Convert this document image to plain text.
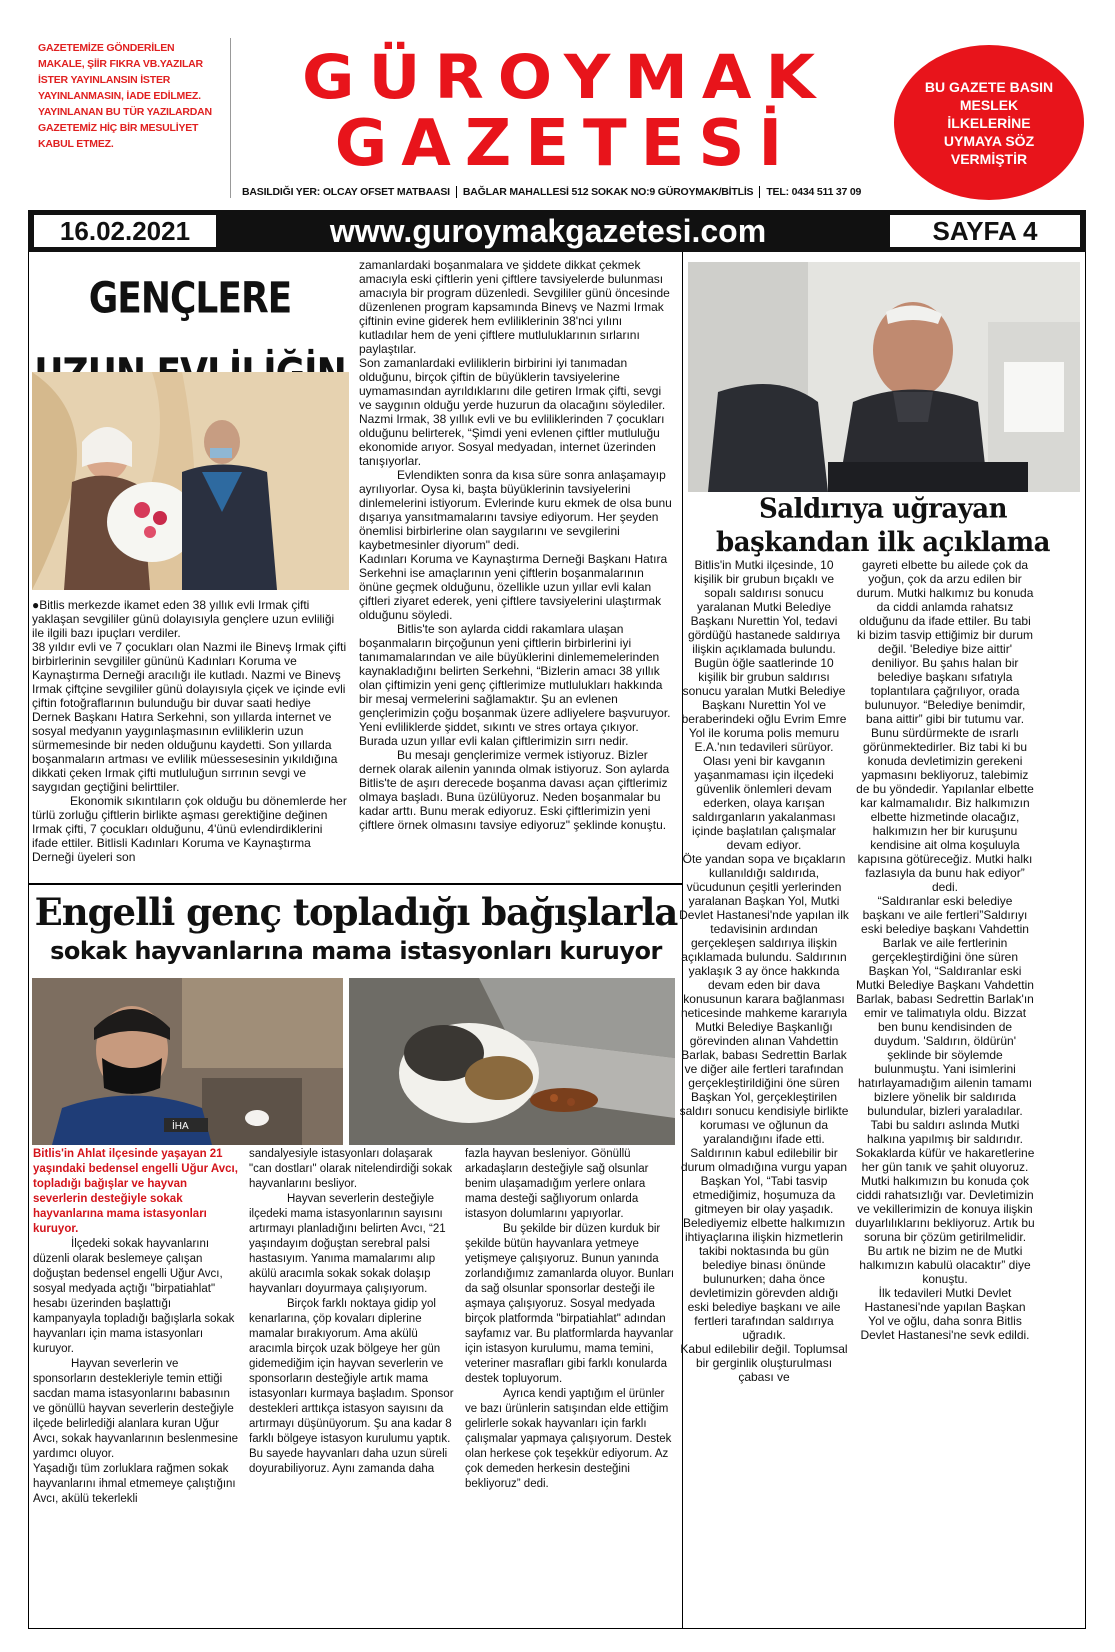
GAZETEMİZE GÖNDERİLEN MAKALE, ŞİİR FIKRA VB.YAZILAR İSTER YAYINLANSIN İSTER YAYINLANMASIN, İADE EDİLMEZ. YAYINLANAN BU TÜR YAZILARDAN GAZETEMİZ HİÇ BİR MESULİYET KABUL ETMEZ.
GÜROYMAK
GAZETESİ
BU GAZETE BASIN MESLEK İLKELERİNE UYMAYA SÖZ VERMİŞTİR
BASILDIĞI YER: OLCAY OFSET MATBAASI	BAĞLAR MAHALLESİ 512 SOKAK NO:9 GÜROYMAK/BİTLİS	TEL: 0434 511 37 09
16.02.2021	www.guroymakgazetesi.com	SAYFA 4
GENÇLERE

●Bitlis merkezde ikamet eden 38 yıllık evli Irmak çifti yaklaşan sevgililer günü dolayısıyla gençlere uzun evliliği ile ilgili bazı ipuçları verdiler.

38 yıldır evli ve 7 çocukları olan Nazmi ile Binevş Irmak çifti birbirlerinin sevgililer gününü Kadınları Koruma ve Kaynaştırma Derneği aracılığı ile kutladı. Nazmi ve Binevş Irmak çiftçine sevgililer günü dolayısıyla çiçek ve içinde evli çiftin fotoğraflarının bulunduğu bir duvar saati hediye Dernek Başkanı Hatıra Serkehni, son yıllarda internet ve sosyal medyanın yaygınlaşmasının evliliklerin uzun sürmemesinde bir neden olduğunu kaydetti. Son yıllarda boşanmaların artması ve evlilik müessesesinin yıkıldığına dikkati çeken Irmak çifti mutluluğun sırrının sevgi ve saygıdan geçtiğini belirttiler.

Ekonomik sıkıntıların çok olduğu bu dönemlerde her türlü zorluğu çiftlerin birlikte aşması gerektiğine değinen Irmak çifti, 7 çocukları olduğunu, 4'ünü evlendirdiklerini ifade ettiler. Bitlisli Kadınları Koruma ve Kaynaştırma Derneği üyeleri son

zamanlardaki boşanmalara ve şiddete dikkat çekmek amacıyla eski çiftlerin yeni çiftlere tavsiyelerde bulunması amacıyla bir program düzenledi. Sevgililer günü öncesinde düzenlenen program kapsamında Binevş ve Nazmi Irmak çiftinin evine giderek hem evliliklerinin 38'nci yılını kutladılar hem de yeni çiftlere mutluluklarının sırlarını paylaştılar.

Son zamanlardaki evliliklerin birbirini iyi tanımadan olduğunu, birçok çiftin de büyüklerin tavsiyelerine uymamasından ayrıldıklarını dile getiren Irmak çifti, sevgi ve saygının olduğu yerde huzurun da olacağını söylediler.

Nazmi Irmak, 38 yıllık evli ve bu evliliklerinden 7 çocukları olduğunu belirterek, “Şimdi yeni evlenen çiftler mutluluğu ekonomide arıyor. Sosyal medyadan, internet üzerinden tanışıyorlar.

Evlendikten sonra da kısa süre sonra anlaşamayıp ayrılıyorlar. Oysa ki, başta büyüklerinin tavsiyelerini dinlemelerini istiyorum. Evlerinde kuru ekmek de olsa bunu dışarıya yansıtmamalarını tavsiye ediyorum. Her şeyden önemlisi birbirlerine olan saygılarını ve sevgilerini kaybetmesinler diyorum" dedi.

Kadınları Koruma ve Kaynaştırma Derneği Başkanı Hatıra Serkehni ise amaçlarının yeni çiftlerin boşanmalarının önüne geçmek olduğunu, özellikle uzun yıllar evli kalan çiftleri ziyaret ederek, yeni çiftlere tavsiyelerini ulaştırmak olduğunu söyledi.

Bitlis'te son aylarda ciddi rakamlara ulaşan boşanmaların birçoğunun yeni çiftlerin birbirlerini iyi tanımamalarından ve aile büyüklerini dinlememelerinden kaynakladığını belirten Serkehni, “Bizlerin amacı 38 yıllık olan çiftimizin yeni genç çiftlerimize mutlulukları hakkında bir mesaj vermelerini sağlamaktır. Şu an evlenen gençlerimizin çoğu boşanmak üzere adliyelere başvuruyor. Yeni evliliklerde şiddet, sıkıntı ve stres ortaya çıkıyor. Burada uzun yıllar evli kalan çiftlerimizin sırrı nedir.

Bu mesajı gençlerimize vermek istiyoruz. Bizler dernek olarak ailenin yanında olmak istiyoruz. Son aylarda Bitlis'te de aşırı derecede boşanma davası açan çiftlerimiz olmaya başladı. Buna üzülüyoruz. Neden boşanmalar bu kadar arttı. Bunu merak ediyoruz. Eski çiftlerimizin yeni çiftlere örnek olmasını tavsiye ediyoruz" şeklinde konuştu.

Engelli genç topladığı bağışlarla
sokak hayvanlarına mama istasyonları kuruyor
İHA

Bitlis'in Ahlat ilçesinde yaşayan 21 yaşındaki bedensel engelli Uğur Avcı, topladığı bağışlar ve hayvan severlerin desteğiyle sokak hayvanlarına mama istasyonları kuruyor.

İlçedeki sokak hayvanlarını düzenli olarak beslemeye çalışan doğuştan bedensel engelli Uğur Avcı, sosyal medyada açtığı "birpatiahlat" hesabı üzerinden başlattığı kampanyayla topladığı bağışlarla sokak hayvanları için mama istasyonları kuruyor.

Hayvan severlerin ve sponsorların destekleriyle temin ettiği sacdan mama istasyonlarını babasının ve gönüllü hayvan severlerin desteğiyle ilçede belirlediği alanlara kuran Uğur Avcı, sokak hayvanlarının beslenmesine yardımcı oluyor.

Yaşadığı tüm zorluklara rağmen sokak hayvanlarını ihmal etmemeye çalıştığını Avcı, akülü tekerlekli

sandalyesiyle istasyonları dolaşarak "can dostları" olarak nitelendirdiği sokak hayvanlarını besliyor.

Hayvan severlerin desteğiyle ilçedeki mama istasyonlarının sayısını artırmayı planladığını belirten Avcı, “21 yaşındayım doğuştan serebral palsi hastasıyım. Yanıma mamalarımı alıp akülü aracımla sokak sokak dolaşıp hayvanları doyurmaya çalışıyorum.

Birçok farklı noktaya gidip yol kenarlarına, çöp kovaları diplerine mamalar bırakıyorum. Ama akülü aracımla birçok uzak bölgeye her gün gidemediğim için hayvan severlerin ve sponsorların desteğiyle artık mama istasyonları kurmaya başladım. Sponsor destekleri arttıkça istasyon sayısını da artırmayı düşünüyorum. Şu ana kadar 8 farklı bölgeye istasyon kurulumu yaptık. Bu sayede hayvanları daha uzun süreli doyurabiliyoruz. Aynı zamanda daha

fazla hayvan besleniyor. Gönüllü arkadaşların desteğiyle sağ olsunlar benim ulaşamadığım yerlere onlara mama desteği sağlıyorum onlarda istasyon dolumlarını yapıyorlar.

Bu şekilde bir düzen kurduk bir şekilde bütün hayvanlara yetmeye yetişmeye çalışıyoruz. Bunun yanında zorlandığımız zamanlarda oluyor. Bunları da sağ olsunlar sponsorlar desteği ile aşmaya çalışıyoruz. Sosyal medyada birçok platformda "birpatiahlat" adından sayfamız var. Bu platformlarda hayvanlar için istasyon kurulumu, mama temini, veteriner masrafları gibi farklı konularda destek topluyorum.

Ayrıca kendi yaptığım el ürünler ve bazı ürünlerin satışından elde ettiğim gelirlerle sokak hayvanları için farklı çalışmalar yapmaya çalışıyorum. Destek olan herkese çok teşekkür ediyorum. Az çok demeden herkesin desteğini bekliyoruz” dedi.

Saldırıya uğrayan
başkandan ilk açıklama

Bitlis'in Mutki ilçesinde, 10 kişilik bir grubun bıçaklı ve sopalı saldırısı sonucu yaralanan Mutki Belediye Başkanı Nurettin Yol, tedavi gördüğü hastanede saldırıya ilişkin açıklamada bulundu.

Bugün öğle saatlerinde 10 kişilik bir grubun saldırısı sonucu yaralan Mutki Belediye Başkanı Nurettin Yol ve beraberindeki oğlu Evrim Emre Yol ile koruma polis memuru E.A.'nın tedavileri sürüyor. Olası yeni bir kavganın yaşanmaması için ilçedeki güvenlik önlemleri devam ederken, olaya karışan saldırganların yakalanması içinde başlatılan çalışmalar devam ediyor.

Öte yandan sopa ve bıçakların kullanıldığı saldırıda, vücudunun çeşitli yerlerinden yaralanan Başkan Yol, Mutki Devlet Hastanesi'nde yapılan ilk tedavisinin ardından gerçekleşen saldırıya ilişkin açıklamada bulundu. Saldırının yaklaşık 3 ay önce hakkında devam eden bir dava konusunun karara bağlanması neticesinde mahkeme kararıyla Mutki Belediye Başkanlığı görevinden alınan Vahdettin Barlak, babası Sedrettin Barlak ve diğer aile fertleri tarafından gerçekleştirildiğini öne süren Başkan Yol, gerçekleştirilen saldırı sonucu kendisiyle birlikte koruması ve oğlunun da yaralandığını ifade etti.

Saldırının kabul edilebilir bir durum olmadığına vurgu yapan Başkan Yol, “Tabi tasvip etmediğimiz, hoşumuza da gitmeyen bir olay yaşadık. Belediyemiz elbette halkımızın ihtiyaçlarına ilişkin hizmetlerin takibi noktasında bu gün belediye binası önünde bulunurken; daha önce devletimizin görevden aldığı eski belediye başkanı ve aile fertleri tarafından saldırıya uğradık.

Kabul edilebilir değil. Toplumsal bir gerginlik oluşturulması çabası ve

gayreti elbette bu ailede çok da yoğun, çok da arzu edilen bir durum. Mutki halkımız bu konuda da ciddi anlamda rahatsız olduğunu da ifade ettiler. Bu tabi ki bizim tasvip ettiğimiz bir durum değil. 'Belediye bize aittir' deniliyor. Bu şahıs halan bir belediye başkanı sıfatıyla toplantılara çağrılıyor, orada bulunuyor. “Belediye benimdir, bana aittir” gibi bir tutumu var.

Bunu sürdürmekte de ısrarlı görünmektedirler. Biz tabi ki bu konuda devletimizin gerekeni yapmasını bekliyoruz, talebimiz de bu yöndedir. Yapılanlar elbette kar kalmamalıdır. Biz halkımızın elbette hizmetinde olacağız, halkımızın her bir kuruşunu kendisine ait olma koşuluyla kapısına götüreceğiz. Mutki halkı fazlasıyla da bunu hak ediyor” dedi.

“Saldıranlar eski belediye başkanı ve aile fertleri”Saldırıyı eski belediye başkanı Vahdettin Barlak ve aile fertlerinin gerçekleştirdiğini öne süren Başkan Yol, “Saldıranlar eski Mutki Belediye Başkanı Vahdettin Barlak, babası Sedrettin Barlak'ın emir ve talimatıyla oldu. Bizzat ben bunu kendisinden de duydum. 'Saldırın, öldürün' şeklinde bir söylemde bulunmuştu. Yani isimlerini hatırlayamadığım ailenin tamamı bizlere yönelik bir saldırıda bulundular, bizleri yaraladılar. Tabi bu saldırı aslında Mutki halkına yapılmış bir saldırıdır. Sokaklarda küfür ve hakaretlerine her gün tanık ve şahit oluyoruz.

Mutki halkımızın bu konuda çok ciddi rahatsızlığı var. Devletimizin ve vekillerimizin de konuya ilişkin duyarlılıklarını bekliyoruz. Artık bu soruna bir çözüm getirilmelidir. Bu artık ne bizim ne de Mutki halkımızın kabulü olacaktır” diye konuştu.

İlk tedavileri Mutki Devlet Hastanesi'nde yapılan Başkan Yol ve oğlu, daha sonra Bitlis Devlet Hastanesi'ne sevk edildi.
